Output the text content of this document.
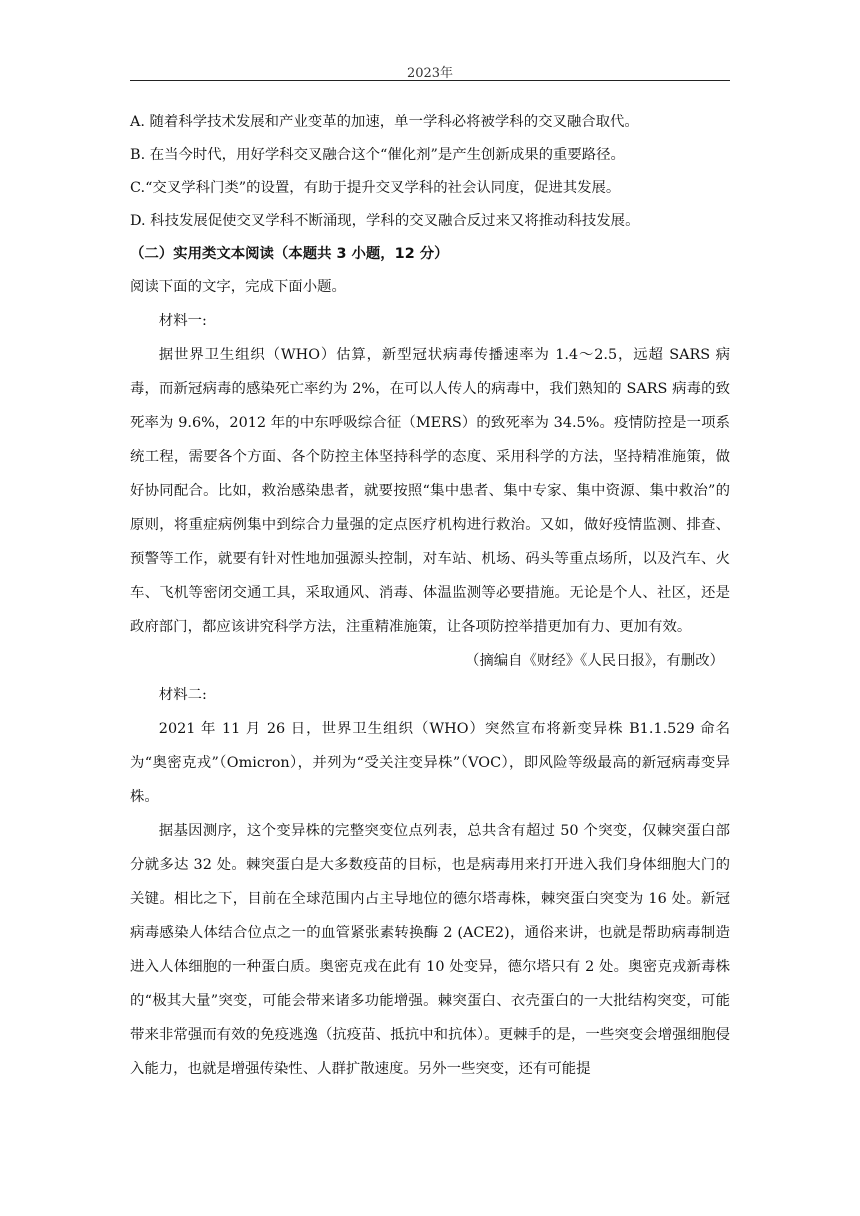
2023年
A. 随着科学技术发展和产业变革的加速，单一学科必将被学科的交叉融合取代。
B. 在当今时代，用好学科交叉融合这个“催化剂”是产生创新成果的重要路径。
C.“交叉学科门类”的设置，有助于提升交叉学科的社会认同度，促进其发展。
D. 科技发展促使交叉学科不断涌现，学科的交叉融合反过来又将推动科技发展。
（二）实用类文本阅读（本题共 3 小题，12 分）
阅读下面的文字，完成下面小题。
材料一:
据世界卫生组织（WHO）估算，新型冠状病毒传播速率为 1.4～2.5，远超 SARS 病毒，而新冠病毒的感染死亡率约为 2%，在可以人传人的病毒中，我们熟知的 SARS 病毒的致死率为 9.6%，2012 年的中东呼吸综合征（MERS）的致死率为 34.5%。疫情防控是一项系统工程，需要各个方面、各个防控主体坚持科学的态度、采用科学的方法，坚持精准施策，做好协同配合。比如，救治感染患者，就要按照“集中患者、集中专家、集中资源、集中救治”的原则，将重症病例集中到综合力量强的定点医疗机构进行救治。又如，做好疫情监测、排查、预警等工作，就要有针对性地加强源头控制，对车站、机场、码头等重点场所，以及汽车、火车、飞机等密闭交通工具，采取通风、消毒、体温监测等必要措施。无论是个人、社区，还是政府部门，都应该讲究科学方法，注重精准施策，让各项防控举措更加有力、更加有效。
（摘编自《财经》《人民日报》，有删改）
材料二:
2021 年 11 月 26 日，世界卫生组织（WHO）突然宣布将新变异株 B1.1.529 命名为“奥密克戎”（Omicron），并列为“受关注变异株”（VOC），即风险等级最高的新冠病毒变异株。
据基因测序，这个变异株的完整突变位点列表，总共含有超过 50 个突变，仅棘突蛋白部分就多达 32 处。棘突蛋白是大多数疫苗的目标，也是病毒用来打开进入我们身体细胞大门的关键。相比之下，目前在全球范围内占主导地位的德尔塔毒株，棘突蛋白突变为 16 处。新冠病毒感染人体结合位点之一的血管紧张素转换酶 2 (ACE2)，通俗来讲，也就是帮助病毒制造进入人体细胞的一种蛋白质。奥密克戎在此有 10 处变异，德尔塔只有 2 处。奥密克戎新毒株的“极其大量”突变，可能会带来诸多功能增强。棘突蛋白、衣壳蛋白的一大批结构突变，可能带来非常强而有效的免疫逃逸（抗疫苗、抵抗中和抗体）。更棘手的是，一些突变会增强细胞侵入能力，也就是增强传染性、人群扩散速度。另外一些突变，还有可能提
